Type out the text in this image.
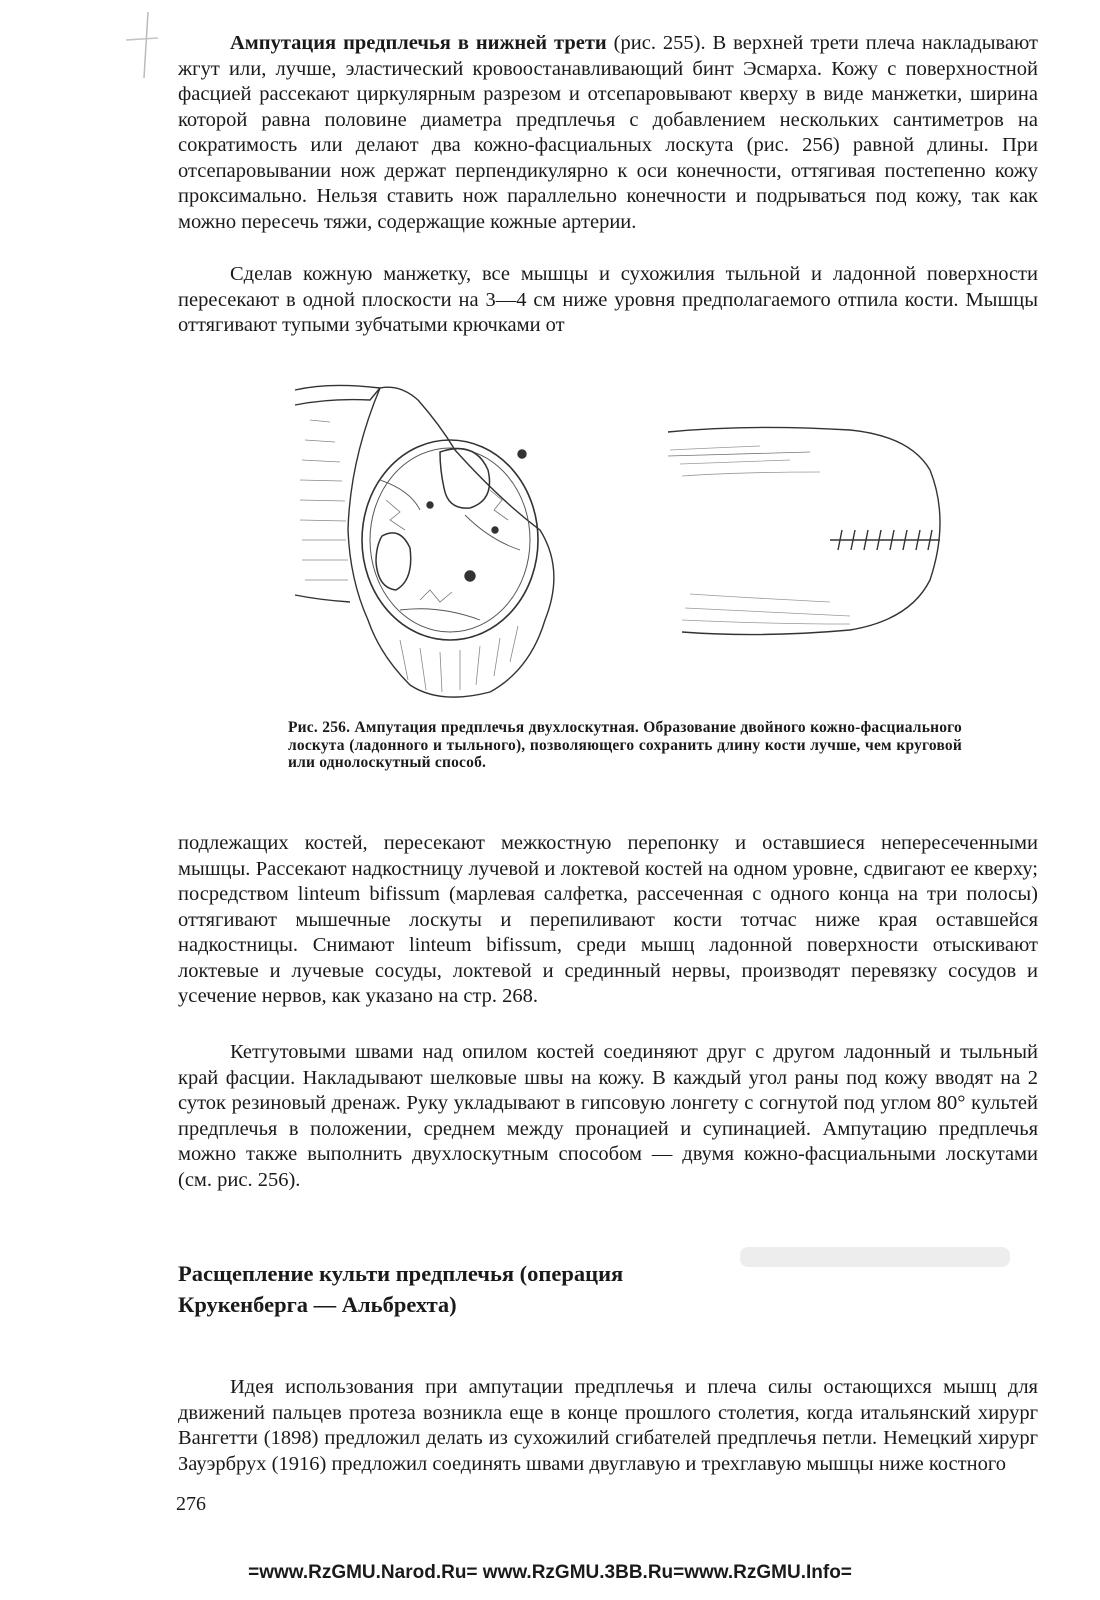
Ампутация предплечья в нижней трети (рис. 255). В верхней трети плеча накладывают жгут или, лучше, эластический кровоостанавливающий бинт Эсмарха. Кожу с поверхностной фасцией рассекают циркулярным разрезом и отсепаровывают кверху в виде манжетки, ширина которой равна половине диаметра предплечья с добавлением нескольких сантиметров на сократимость или делают два кожно-фасциальных лоскута (рис. 256) равной длины. При отсепаровывании нож держат перпендикулярно к оси конечности, оттягивая постепенно кожу проксимально. Нельзя ставить нож параллельно конечности и подрываться под кожу, так как можно пересечь тяжи, содержащие кожные артерии.

Сделав кожную манжетку, все мышцы и сухожилия тыльной и ладонной поверхности пересекают в одной плоскости на 3—4 см ниже уровня предполагаемого отпила кости. Мышцы оттягивают тупыми зубчатыми крючками от

Рис. 256. Ампутация предплечья двухлоскутная. Образование двойного кожно-фасциального лоскута (ладонного и тыльного), позволяющего сохранить длину кости лучше, чем круговой или однолоскутный способ.

подлежащих костей, пересекают межкостную перепонку и оставшиеся непересеченными мышцы. Рассекают надкостницу лучевой и локтевой костей на одном уровне, сдвигают ее кверху; посредством linteum bifissum (марлевая салфетка, рассеченная с одного конца на три полосы) оттягивают мышечные лоскуты и перепиливают кости тотчас ниже края оставшейся надкостницы. Снимают linteum bifissum, среди мышц ладонной поверхности отыскивают локтевые и лучевые сосуды, локтевой и срединный нервы, производят перевязку сосудов и усечение нервов, как указано на стр. 268.

Кетгутовыми швами над опилом костей соединяют друг с другом ладонный и тыльный край фасции. Накладывают шелковые швы на кожу. В каждый угол раны под кожу вводят на 2 суток резиновый дренаж. Руку укладывают в гипсовую лонгету с согнутой под углом 80° культей предплечья в положении, среднем между пронацией и супинацией. Ампутацию предплечья можно также выполнить двухлоскутным способом — двумя кожно-фасциальными лоскутами (см. рис. 256).

Расщепление культи предплечья (операция
Крукенберга — Альбрехта)

Идея использования при ампутации предплечья и плеча силы остающихся мышц для движений пальцев протеза возникла еще в конце прошлого столетия, когда итальянский хирург Вангетти (1898) предложил делать из сухожилий сгибателей предплечья петли. Немецкий хирург Зауэрбрух (1916) предложил соединять швами двуглавую и трехглавую мышцы ниже костного

276
=www.RzGMU.Narod.Ru= www.RzGMU.3BB.Ru=www.RzGMU.Info=
